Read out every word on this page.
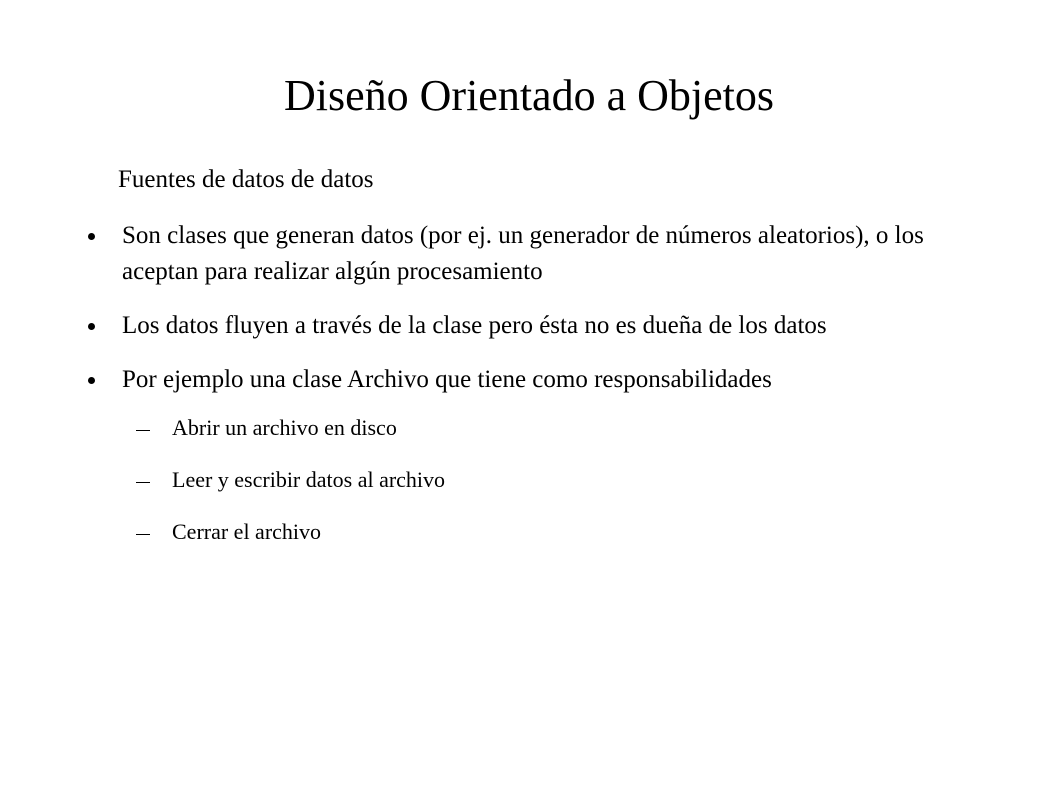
Diseño Orientado a Objetos

Fuentes de datos de datos

Son clases que generan datos (por ej. un generador de números aleatorios), o los aceptan para realizar algún procesamiento
Los datos fluyen a través de la clase pero ésta no es dueña de los datos
Por ejemplo una clase Archivo que tiene como responsabilidades
Abrir un archivo en disco
Leer y escribir datos al archivo
Cerrar el archivo
